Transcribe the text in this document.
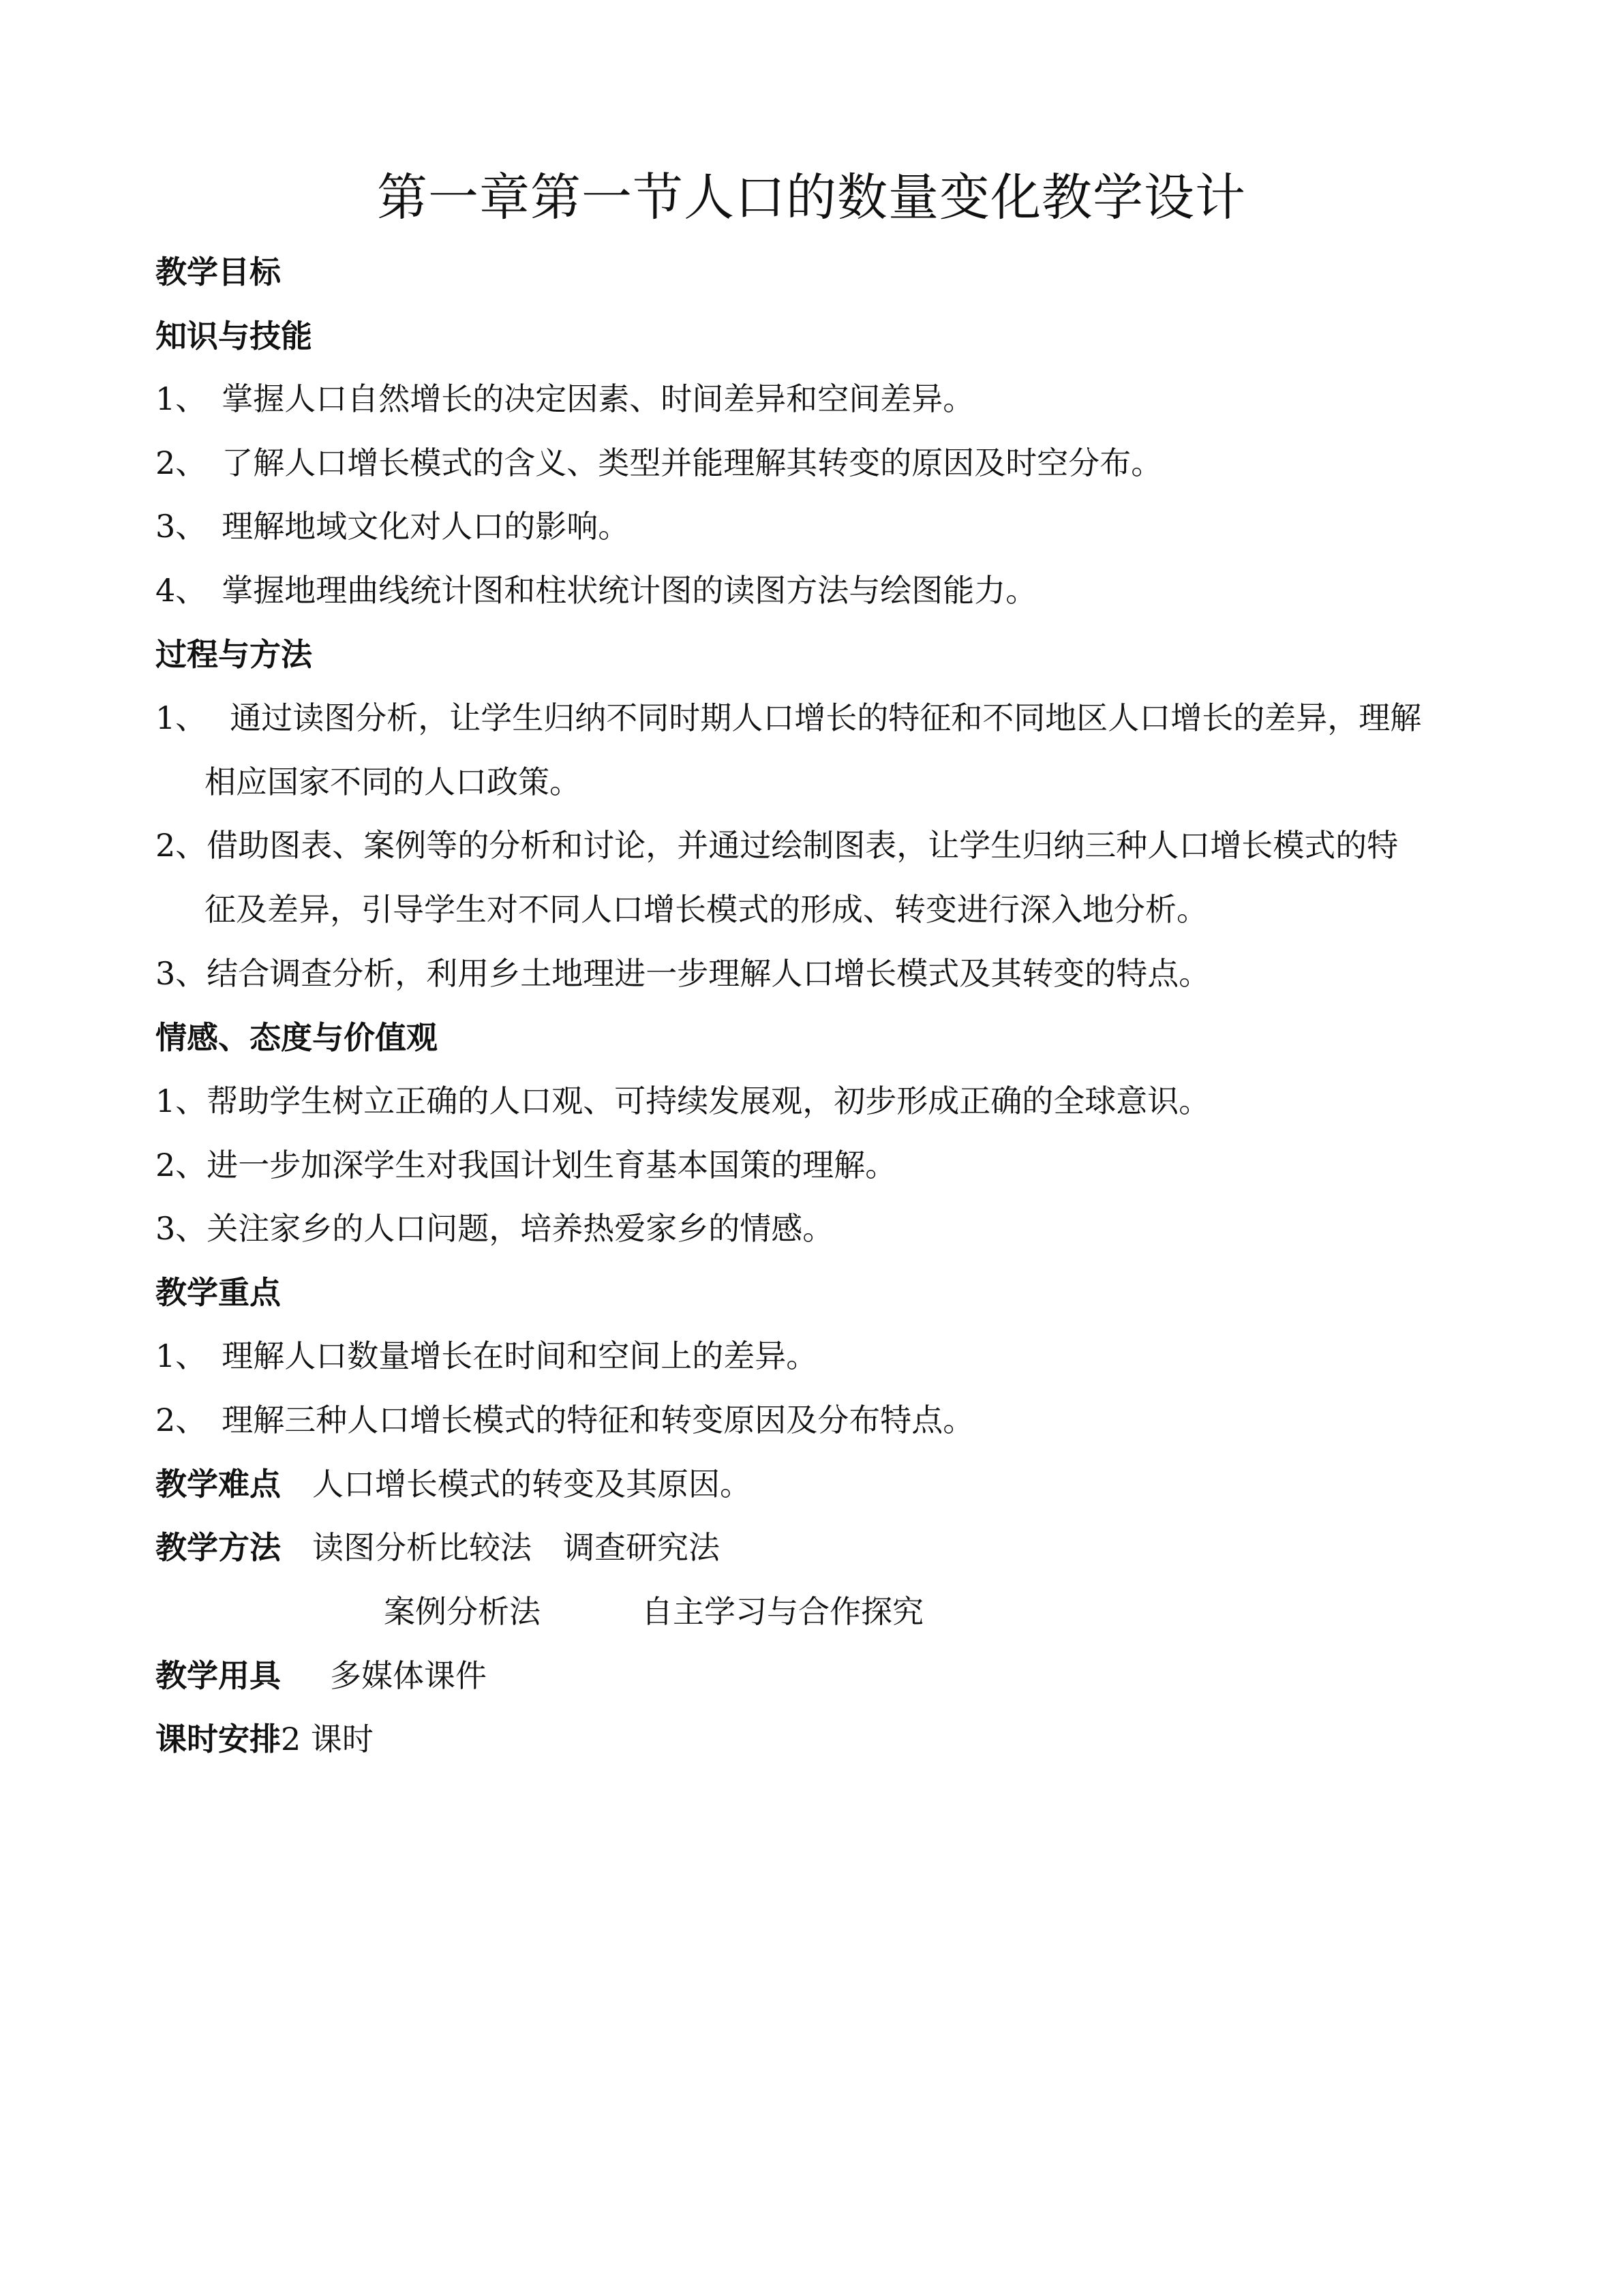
第一章第一节人口的数量变化教学设计
教学目标
知识与技能
1、 掌握人口自然增长的决定因素、时间差异和空间差异。
2、 了解人口增长模式的含义、类型并能理解其转变的原因及时空分布。
3、 理解地域文化对人口的影响。
4、 掌握地理曲线统计图和柱状统计图的读图方法与绘图能力。
过程与方法
1、 通过读图分析，让学生归纳不同时期人口增长的特征和不同地区人口增长的差异，理解
相应国家不同的人口政策。
2、借助图表、案例等的分析和讨论，并通过绘制图表，让学生归纳三种人口增长模式的特
征及差异，引导学生对不同人口增长模式的形成、转变进行深入地分析。
3、结合调查分析，利用乡土地理进一步理解人口增长模式及其转变的特点。
情感、态度与价值观
1、帮助学生树立正确的人口观、可持续发展观，初步形成正确的全球意识。
2、进一步加深学生对我国计划生育基本国策的理解。
3、关注家乡的人口问题，培养热爱家乡的情感。
教学重点
1、 理解人口数量增长在时间和空间上的差异。
2、 理解三种人口增长模式的特征和转变原因及分布特点。
教学难点 人口增长模式的转变及其原因。
教学方法 读图分析比较法 调查研究法
案例分析法	自主学习与合作探究
教学用具 多媒体课件
课时安排2 课时
